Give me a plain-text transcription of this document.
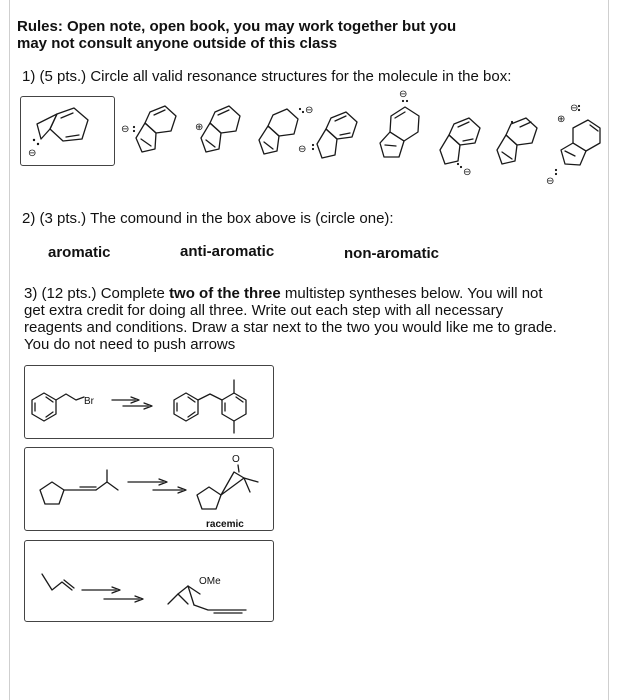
Rules: Open note, open book, you may work together but you
may not consult anyone outside of this class
1) (5 pts.) Circle all valid resonance structures for the molecule in the box:
⊖
⊖	⊕
⊖
⊖
⊖
⊖
⊕
⊖
⊖
2) (3 pts.) The comound in the box above is (circle one):
aromatic	anti-aromatic	non-aromatic
3) (12 pts.) Complete two of the three multistep syntheses below. You will not
get extra credit for doing all three. Write out each step with all necessary
reagents and conditions. Draw a star next to the two you would like me to grade.
You do not need to push arrows
Br
O
racemic
OMe
